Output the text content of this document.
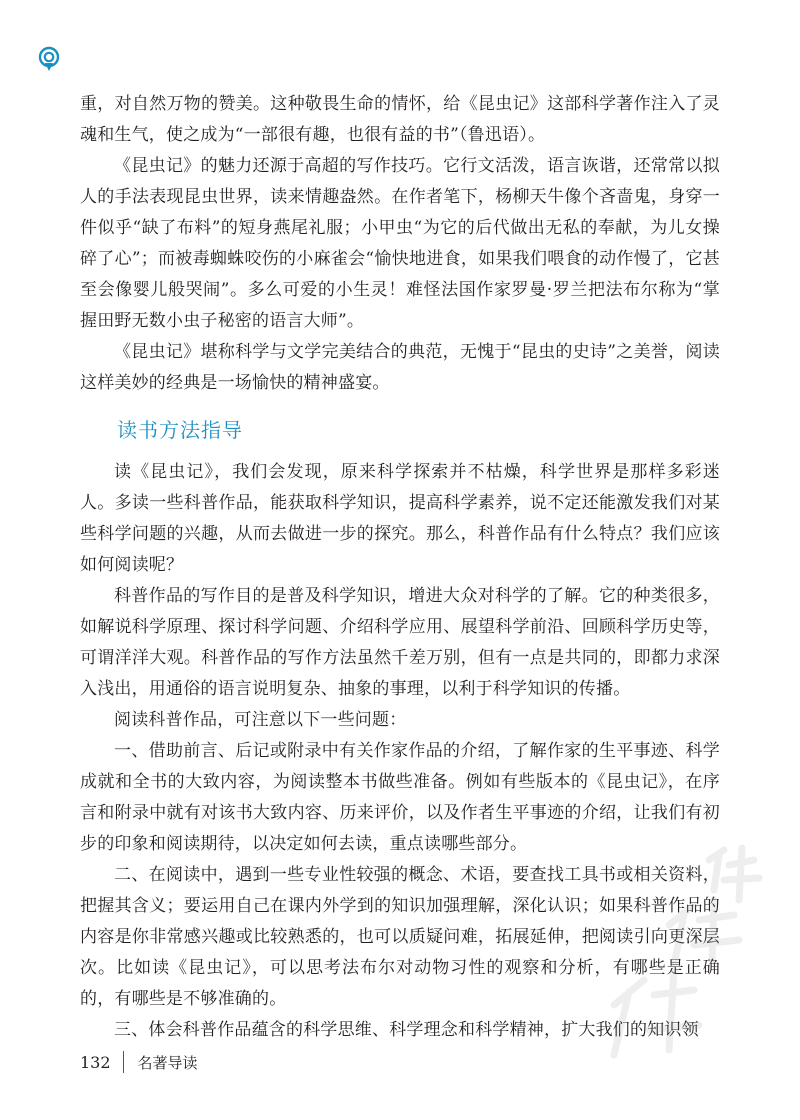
重，对自然万物的赞美。这种敬畏生命的情怀，给《昆虫记》这部科学著作注入了灵魂和生气，使之成为“一部很有趣，也很有益的书”（鲁迅语）。

《昆虫记》的魅力还源于高超的写作技巧。它行文活泼，语言诙谐，还常常以拟人的手法表现昆虫世界，读来情趣盎然。在作者笔下，杨柳天牛像个吝啬鬼，身穿一件似乎“缺了布料”的短身燕尾礼服；小甲虫“为它的后代做出无私的奉献，为儿女操碎了心”；而被毒蜘蛛咬伤的小麻雀会“愉快地进食，如果我们喂食的动作慢了，它甚至会像婴儿般哭闹”。多么可爱的小生灵！难怪法国作家罗曼·罗兰把法布尔称为“掌握田野无数小虫子秘密的语言大师”。

《昆虫记》堪称科学与文学完美结合的典范，无愧于“昆虫的史诗”之美誉，阅读这样美妙的经典是一场愉快的精神盛宴。

读书方法指导

读《昆虫记》，我们会发现，原来科学探索并不枯燥，科学世界是那样多彩迷人。多读一些科普作品，能获取科学知识，提高科学素养，说不定还能激发我们对某些科学问题的兴趣，从而去做进一步的探究。那么，科普作品有什么特点？我们应该如何阅读呢？

科普作品的写作目的是普及科学知识，增进大众对科学的了解。它的种类很多，如解说科学原理、探讨科学问题、介绍科学应用、展望科学前沿、回顾科学历史等，可谓洋洋大观。科普作品的写作方法虽然千差万别，但有一点是共同的，即都力求深入浅出，用通俗的语言说明复杂、抽象的事理，以利于科学知识的传播。

阅读科普作品，可注意以下一些问题：

一、借助前言、后记或附录中有关作家作品的介绍，了解作家的生平事迹、科学成就和全书的大致内容，为阅读整本书做些准备。例如有些版本的《昆虫记》，在序言和附录中就有对该书大致内容、历来评价，以及作者生平事迹的介绍，让我们有初步的印象和阅读期待，以决定如何去读，重点读哪些部分。

二、在阅读中，遇到一些专业性较强的概念、术语，要查找工具书或相关资料，把握其含义；要运用自己在课内外学到的知识加强理解，深化认识；如果科普作品的内容是你非常感兴趣或比较熟悉的，也可以质疑问难，拓展延伸，把阅读引向更深层次。比如读《昆虫记》，可以思考法布尔对动物习性的观察和分析，有哪些是正确的，有哪些是不够准确的。

三、体会科普作品蕴含的科学思维、科学理念和科学精神，扩大我们的知识领

132 名著导读
